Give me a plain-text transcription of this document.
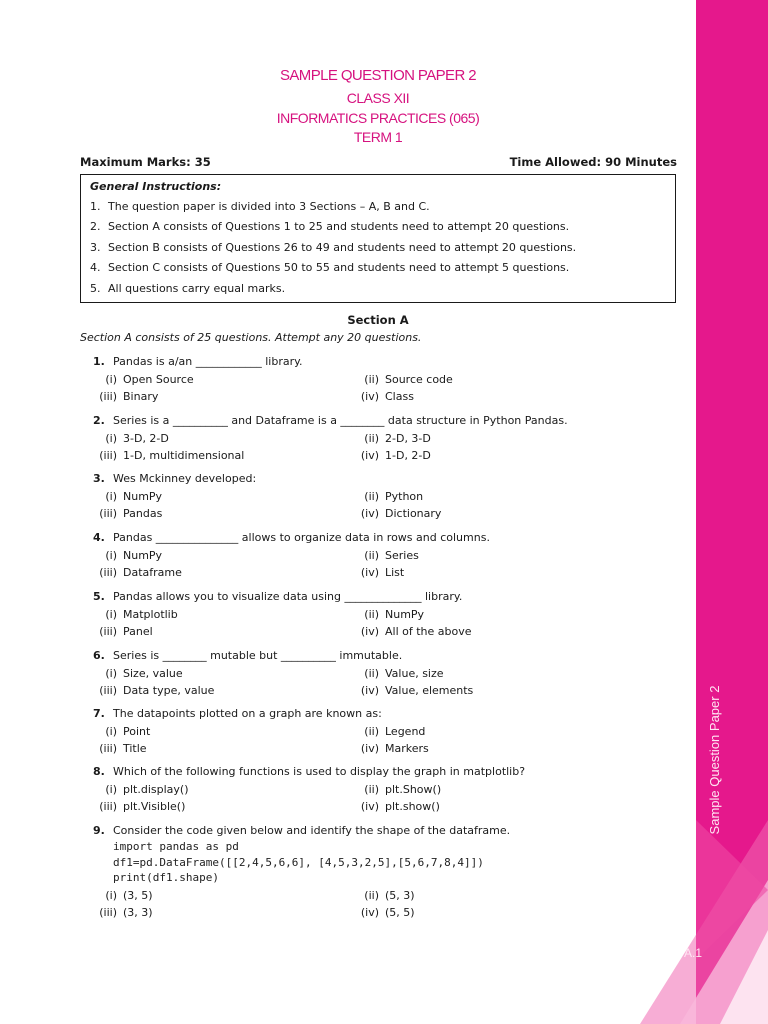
Sample Question Paper 2
A.1
SAMPLE QUESTION PAPER 2
CLASS XII
INFORMATICS PRACTICES (065)
TERM 1
Maximum Marks: 35	Time Allowed: 90 Minutes
General Instructions:
1. The question paper is divided into 3 Sections – A, B and C.
2. Section A consists of Questions 1 to 25 and students need to attempt 20 questions.
3. Section B consists of Questions 26 to 49 and students need to attempt 20 questions.
4. Section C consists of Questions 50 to 55 and students need to attempt 5 questions.
5. All questions carry equal marks.
Section A
Section A consists of 25 questions. Attempt any 20 questions.
1. Pandas is a/an ____________ library.
(i) Open Source	(ii) Source code
(iii) Binary	(iv) Class
2. Series is a __________ and Dataframe is a ________ data structure in Python Pandas.
(i) 3-D, 2-D	(ii) 2-D, 3-D
(iii) 1-D, multidimensional	(iv) 1-D, 2-D
3. Wes Mckinney developed:
(i) NumPy	(ii) Python
(iii) Pandas	(iv) Dictionary
4. Pandas _______________ allows to organize data in rows and columns.
(i) NumPy	(ii) Series
(iii) Dataframe	(iv) List
5. Pandas allows you to visualize data using ______________ library.
(i) Matplotlib	(ii) NumPy
(iii) Panel	(iv) All of the above
6. Series is ________ mutable but __________ immutable.
(i) Size, value	(ii) Value, size
(iii) Data type, value	(iv) Value, elements
7. The datapoints plotted on a graph are known as:
(i) Point	(ii) Legend
(iii) Title	(iv) Markers
8. Which of the following functions is used to display the graph in matplotlib?
(i) plt.display()	(ii) plt.Show()
(iii) plt.Visible()	(iv) plt.show()
9. Consider the code given below and identify the shape of the dataframe.
import pandas as pd
df1=pd.DataFrame([[2,4,5,6,6], [4,5,3,2,5],[5,6,7,8,4]])
print(df1.shape)
(i) (3, 5)	(ii) (5, 3)
(iii) (3, 3)	(iv) (5, 5)
